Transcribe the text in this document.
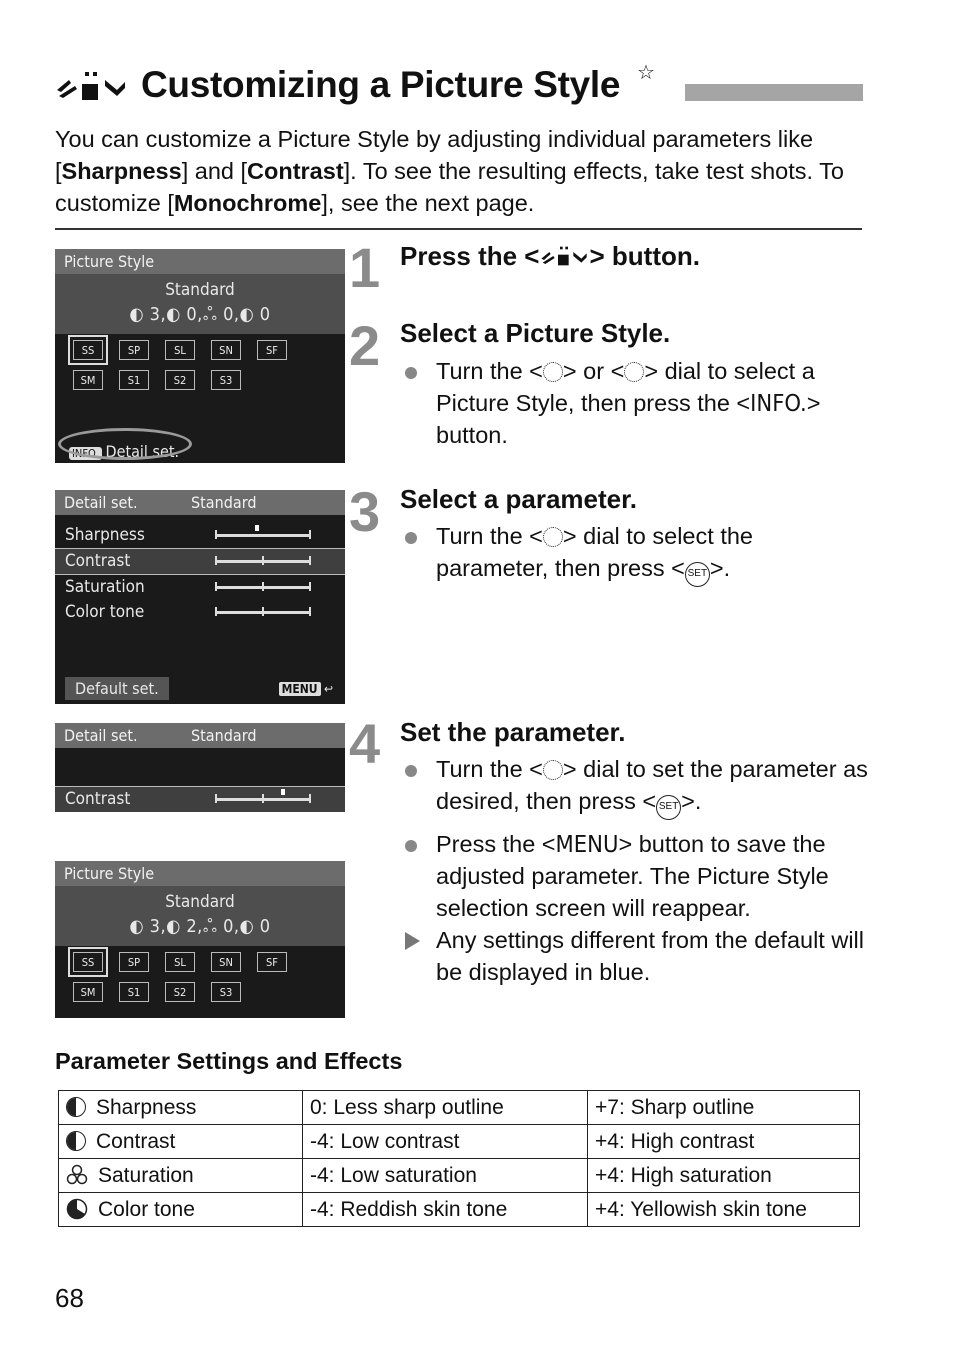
Customizing a Picture Style ☆
You can customize a Picture Style by adjusting individual parameters like [Sharpness] and [Contrast]. To see the resulting effects, take test shots. To customize [Monochrome], see the next page.
Picture Style
Standard
◐ 3,◐ 0,ஃ 0,◐ 0
SS	SP	SL	SN	SF
SM	S1	S2	S3
INFO. Detail set.
Detail set.	Standard
Sharpness
Contrast
Saturation
Color tone
Default set.	MENU ↩
Detail set.	Standard
Contrast
Picture Style
Standard
◐ 3,◐ 2,ஃ 0,◐ 0
SS	SP	SL	SN	SF
SM	S1	S2	S3
1 Press the < > button.
2 Select a Picture Style.
Turn the < > or < > dial to select a Picture Style, then press the <INFO.> button.
3 Select a parameter.
Turn the < > dial to select the parameter, then press < SET >.
4 Set the parameter.
Turn the < > dial to set the parameter as desired, then press < SET >.
Press the <MENU> button to save the adjusted parameter. The Picture Style selection screen will reappear.
Any settings different from the default will be displayed in blue.
Parameter Settings and Effects
Sharpness	0: Less sharp outline	+7: Sharp outline

Contrast	-4: Low contrast	+4: High contrast
Saturation	-4: Low saturation	+4: High saturation
Color tone	-4: Reddish skin tone	+4: Yellowish skin tone
68
